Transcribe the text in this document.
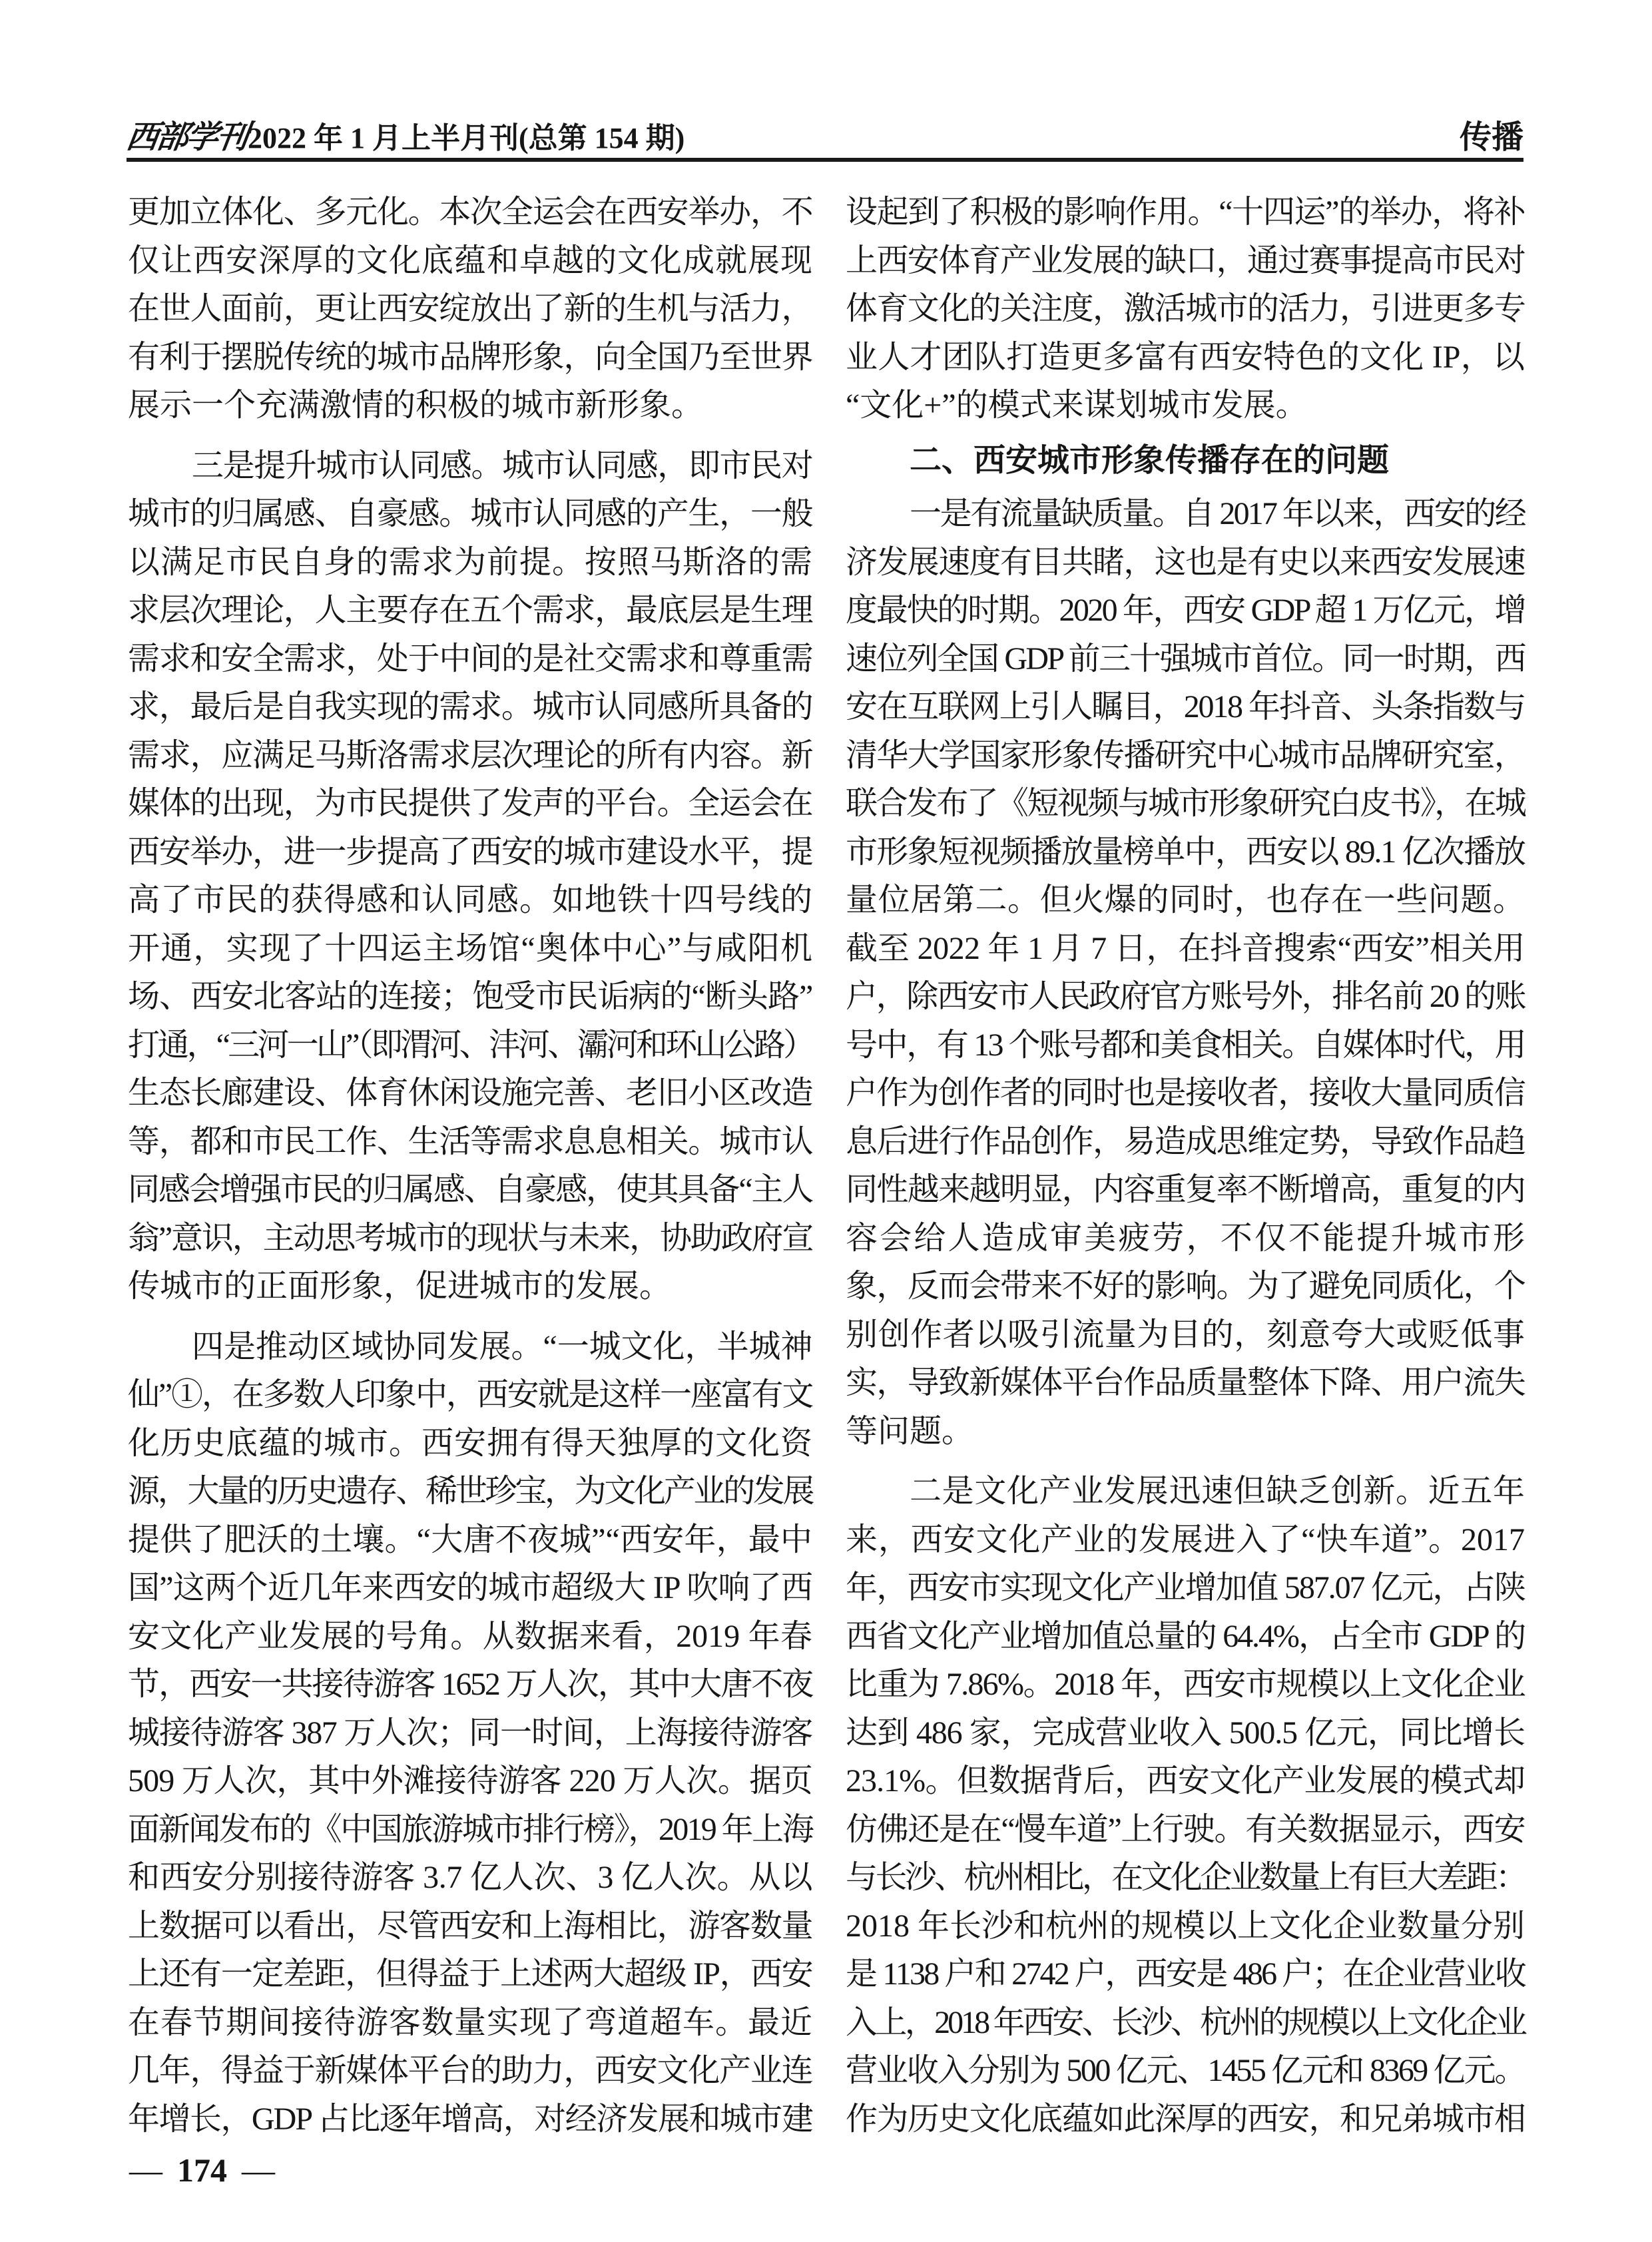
西部学刊2022 年 1 月上半月刊(总第 154 期)	传播
更加立体化、多元化。本次全运会在西安举办，不
仅让西安深厚的文化底蕴和卓越的文化成就展现
在世人面前，更让西安绽放出了新的生机与活力，
有利于摆脱传统的城市品牌形象，向全国乃至世界
展示一个充满激情的积极的城市新形象。
三是提升城市认同感。城市认同感，即市民对
城市的归属感、自豪感。城市认同感的产生，一般
以满足市民自身的需求为前提。按照马斯洛的需
求层次理论，人主要存在五个需求，最底层是生理
需求和安全需求，处于中间的是社交需求和尊重需
求，最后是自我实现的需求。城市认同感所具备的
需求，应满足马斯洛需求层次理论的所有内容。新
媒体的出现，为市民提供了发声的平台。全运会在
西安举办，进一步提高了西安的城市建设水平，提
高了市民的获得感和认同感。如地铁十四号线的
开通，实现了十四运主场馆“奥体中心”与咸阳机
场、西安北客站的连接；饱受市民诟病的“断头路”
打通，“三河一山”（即渭河、沣河、灞河和环山公路）
生态长廊建设、体育休闲设施完善、老旧小区改造
等，都和市民工作、生活等需求息息相关。城市认
同感会增强市民的归属感、自豪感，使其具备“主人
翁”意识，主动思考城市的现状与未来，协助政府宣
传城市的正面形象，促进城市的发展。
四是推动区域协同发展。“一城文化，半城神
仙”①，在多数人印象中，西安就是这样一座富有文
化历史底蕴的城市。西安拥有得天独厚的文化资
源，大量的历史遗存、稀世珍宝，为文化产业的发展
提供了肥沃的土壤。“大唐不夜城”“西安年，最中
国”这两个近几年来西安的城市超级大 IP 吹响了西
安文化产业发展的号角。从数据来看，2019 年春
节，西安一共接待游客 1652 万人次，其中大唐不夜
城接待游客 387 万人次；同一时间，上海接待游客
509 万人次，其中外滩接待游客 220 万人次。据页
面新闻发布的《中国旅游城市排行榜》，2019 年上海
和西安分别接待游客 3.7 亿人次、3 亿人次。从以
上数据可以看出，尽管西安和上海相比，游客数量
上还有一定差距，但得益于上述两大超级 IP，西安
在春节期间接待游客数量实现了弯道超车。最近
几年，得益于新媒体平台的助力，西安文化产业连
年增长，GDP 占比逐年增高，对经济发展和城市建
设起到了积极的影响作用。“十四运”的举办，将补
上西安体育产业发展的缺口，通过赛事提高市民对
体育文化的关注度，激活城市的活力，引进更多专
业人才团队打造更多富有西安特色的文化 IP，以
“文化+”的模式来谋划城市发展。
二、西安城市形象传播存在的问题
一是有流量缺质量。自 2017 年以来，西安的经
济发展速度有目共睹，这也是有史以来西安发展速
度最快的时期。2020 年，西安 GDP 超 1 万亿元，增
速位列全国 GDP 前三十强城市首位。同一时期，西
安在互联网上引人瞩目，2018 年抖音、头条指数与
清华大学国家形象传播研究中心城市品牌研究室，
联合发布了《短视频与城市形象研究白皮书》，在城
市形象短视频播放量榜单中，西安以 89.1 亿次播放
量位居第二。但火爆的同时，也存在一些问题。
截至 2022 年 1 月 7 日，在抖音搜索“西安”相关用
户，除西安市人民政府官方账号外，排名前 20 的账
号中，有 13 个账号都和美食相关。自媒体时代，用
户作为创作者的同时也是接收者，接收大量同质信
息后进行作品创作，易造成思维定势，导致作品趋
同性越来越明显，内容重复率不断增高，重复的内
容会给人造成审美疲劳，不仅不能提升城市形
象，反而会带来不好的影响。为了避免同质化，个
别创作者以吸引流量为目的，刻意夸大或贬低事
实，导致新媒体平台作品质量整体下降、用户流失
等问题。
二是文化产业发展迅速但缺乏创新。近五年
来，西安文化产业的发展进入了“快车道”。2017
年，西安市实现文化产业增加值 587.07 亿元，占陕
西省文化产业增加值总量的 64.4%，占全市 GDP 的
比重为 7.86%。2018 年，西安市规模以上文化企业
达到 486 家，完成营业收入 500.5 亿元，同比增长
23.1%。但数据背后，西安文化产业发展的模式却
仿佛还是在“慢车道”上行驶。有关数据显示，西安
与长沙、杭州相比，在文化企业数量上有巨大差距：
2018 年长沙和杭州的规模以上文化企业数量分别
是 1138 户和 2742 户，西安是 486 户；在企业营业收
入上，2018 年西安、长沙、杭州的规模以上文化企业
营业收入分别为 500 亿元、1455 亿元和 8369 亿元。
作为历史文化底蕴如此深厚的西安，和兄弟城市相
— 174 —
